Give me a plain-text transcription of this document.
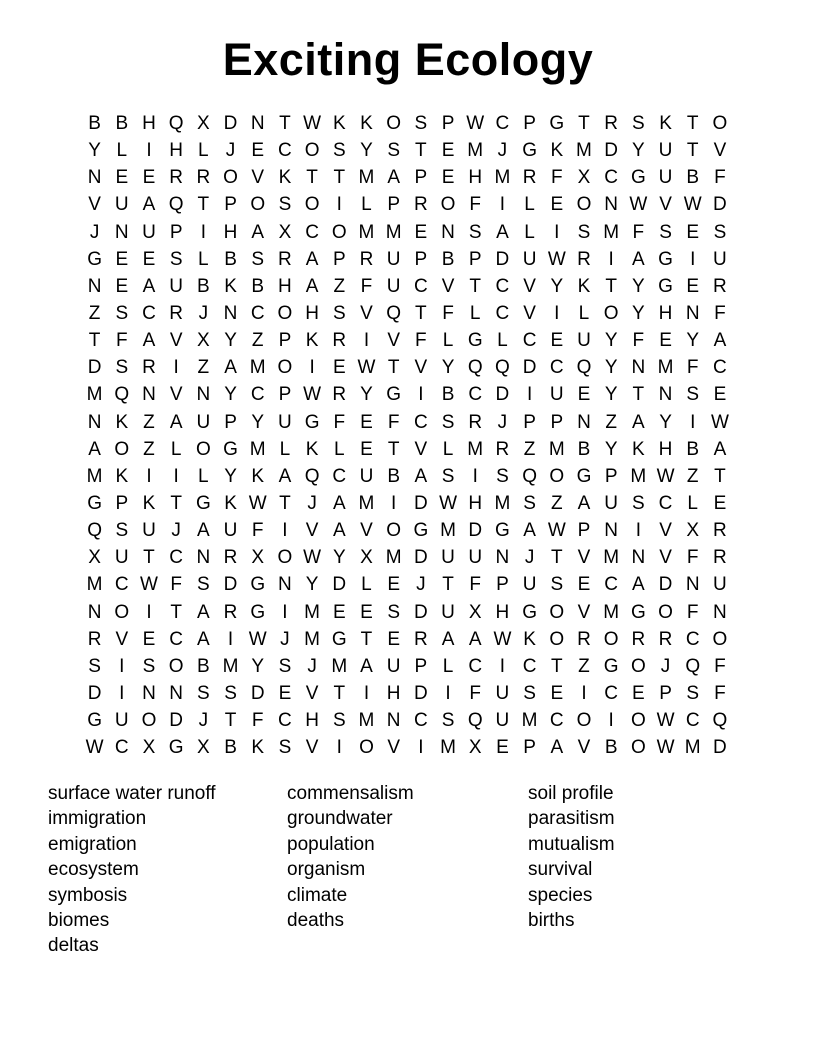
Exciting Ecology
B B H Q X D N T W K K O S P W C P G T R S K T O
Y L	I H L J E C O S Y S T E M J G K M D Y U T V
N E E R R O V K T T M A P E H M R F X C G U B F
V U A Q T P O S O I	L P R O F I	L E O N W V W D
J N U P I H A X C O M M E N S A L	I S M F S E S
G E E S L B S R A P R U P B P D U W R I A G I U
N E A U B K B H A Z F U C V T C V Y K T Y G E R
Z S C R J N C O H S V Q T F L C V I	L O Y H N F
T F A V X Y Z P K R I V F L G L C E U Y F E Y A
D S R I Z A M O I E W T V Y Q Q D C Q Y N M F C
M Q N V N Y C P W R Y G I B C D I U E Y T N S E
N K Z A U P Y U G F E F C S R J P P N Z A Y I W
A O Z L O G M L K L E T V L M R Z M B Y K H B A
M K I	I	L Y K A Q C U B A S I S Q O G P M W Z T
G P K T G K W T J A M I D W H M S Z A U S C L E
Q S U J A U F I V A V O G M D G A W P N I V X R
X U T C N R X O W Y X M D U U N J T V M N V F R
M C W F S D G N Y D L E J T F P U S E C A D N U
N O I T A R G I M E E S D U X H G O V M G O F N
R V E C A I W J M G T E R A A W K O R O R R C O
S I S O B M Y S J M A U P L C I C T Z G O J Q F
D I N N S S D E V T I H D I F U S E I C E P S F
G U O D J T F C H S M N C S Q U M C O I O W C Q
W C X G X B K S V I O V I M X E P A V B O W M D
surface water runoff
immigration
emigration
ecosystem
symbosis
biomes
deltas
commensalism
groundwater
population
organism
climate
deaths
soil profile
parasitism
mutualism
survival
species
births
